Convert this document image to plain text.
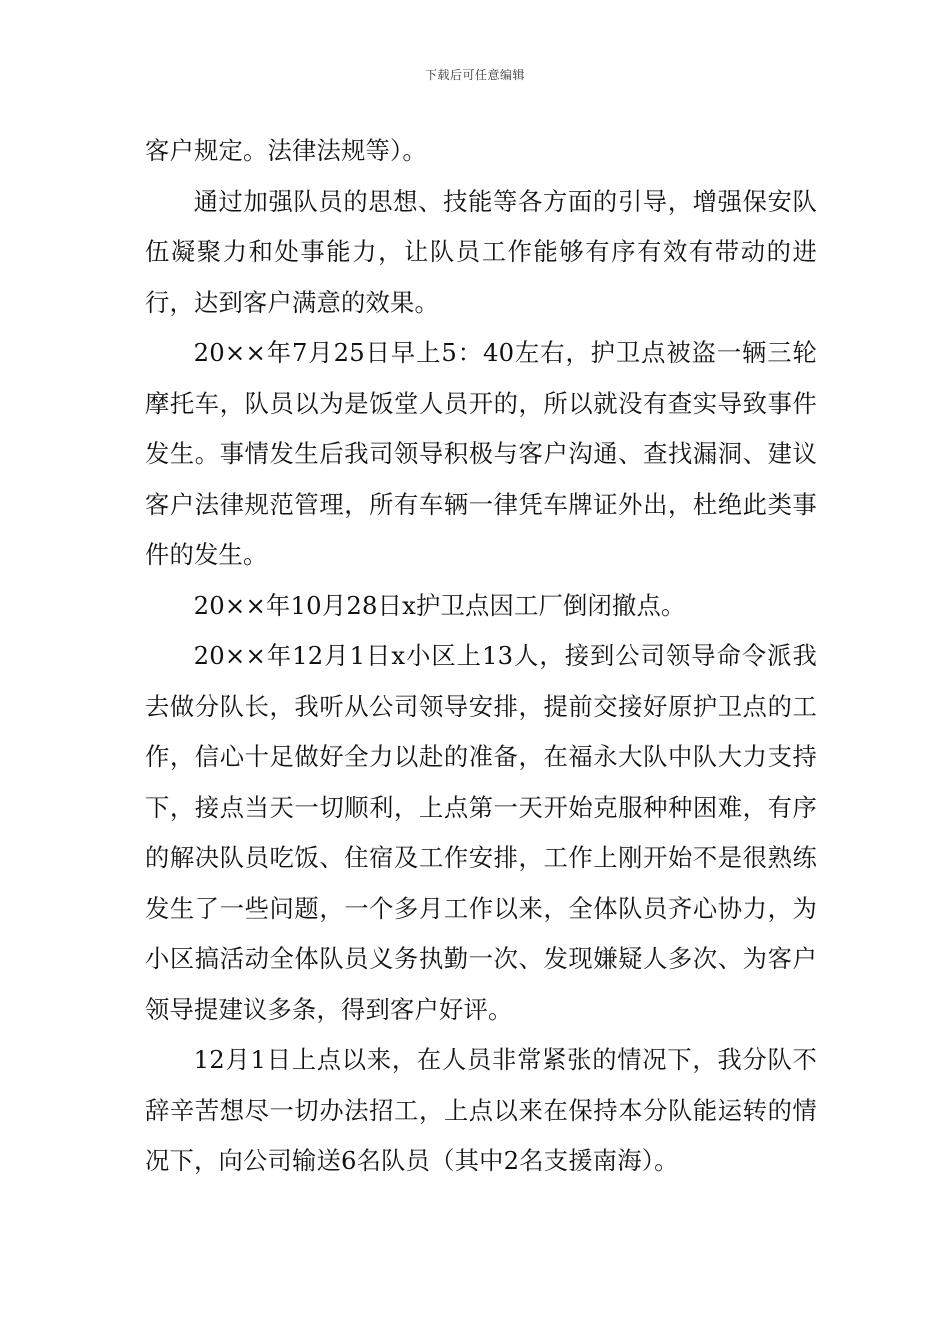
下载后可任意编辑

客户规定。法律法规等）。

通过加强队员的思想、技能等各方面的引导，增强保安队伍凝聚力和处事能力，让队员工作能够有序有效有带动的进行，达到客户满意的效果。

20××年7月25日早上5：40左右，护卫点被盗一辆三轮摩托车，队员以为是饭堂人员开的，所以就没有查实导致事件发生。事情发生后我司领导积极与客户沟通、查找漏洞、建议客户法律规范管理，所有车辆一律凭车牌证外出，杜绝此类事件的发生。

20××年10月28日x护卫点因工厂倒闭撤点。

20××年12月1日x小区上13人，接到公司领导命令派我去做分队长，我听从公司领导安排，提前交接好原护卫点的工作，信心十足做好全力以赴的准备，在福永大队中队大力支持下，接点当天一切顺利，上点第一天开始克服种种困难，有序的解决队员吃饭、住宿及工作安排，工作上刚开始不是很熟练发生了一些问题，一个多月工作以来，全体队员齐心协力，为小区搞活动全体队员义务执勤一次、发现嫌疑人多次、为客户领导提建议多条，得到客户好评。

12月1日上点以来，在人员非常紧张的情况下，我分队不辞辛苦想尽一切办法招工，上点以来在保持本分队能运转的情况下，向公司输送6名队员（其中2名支援南海）。
